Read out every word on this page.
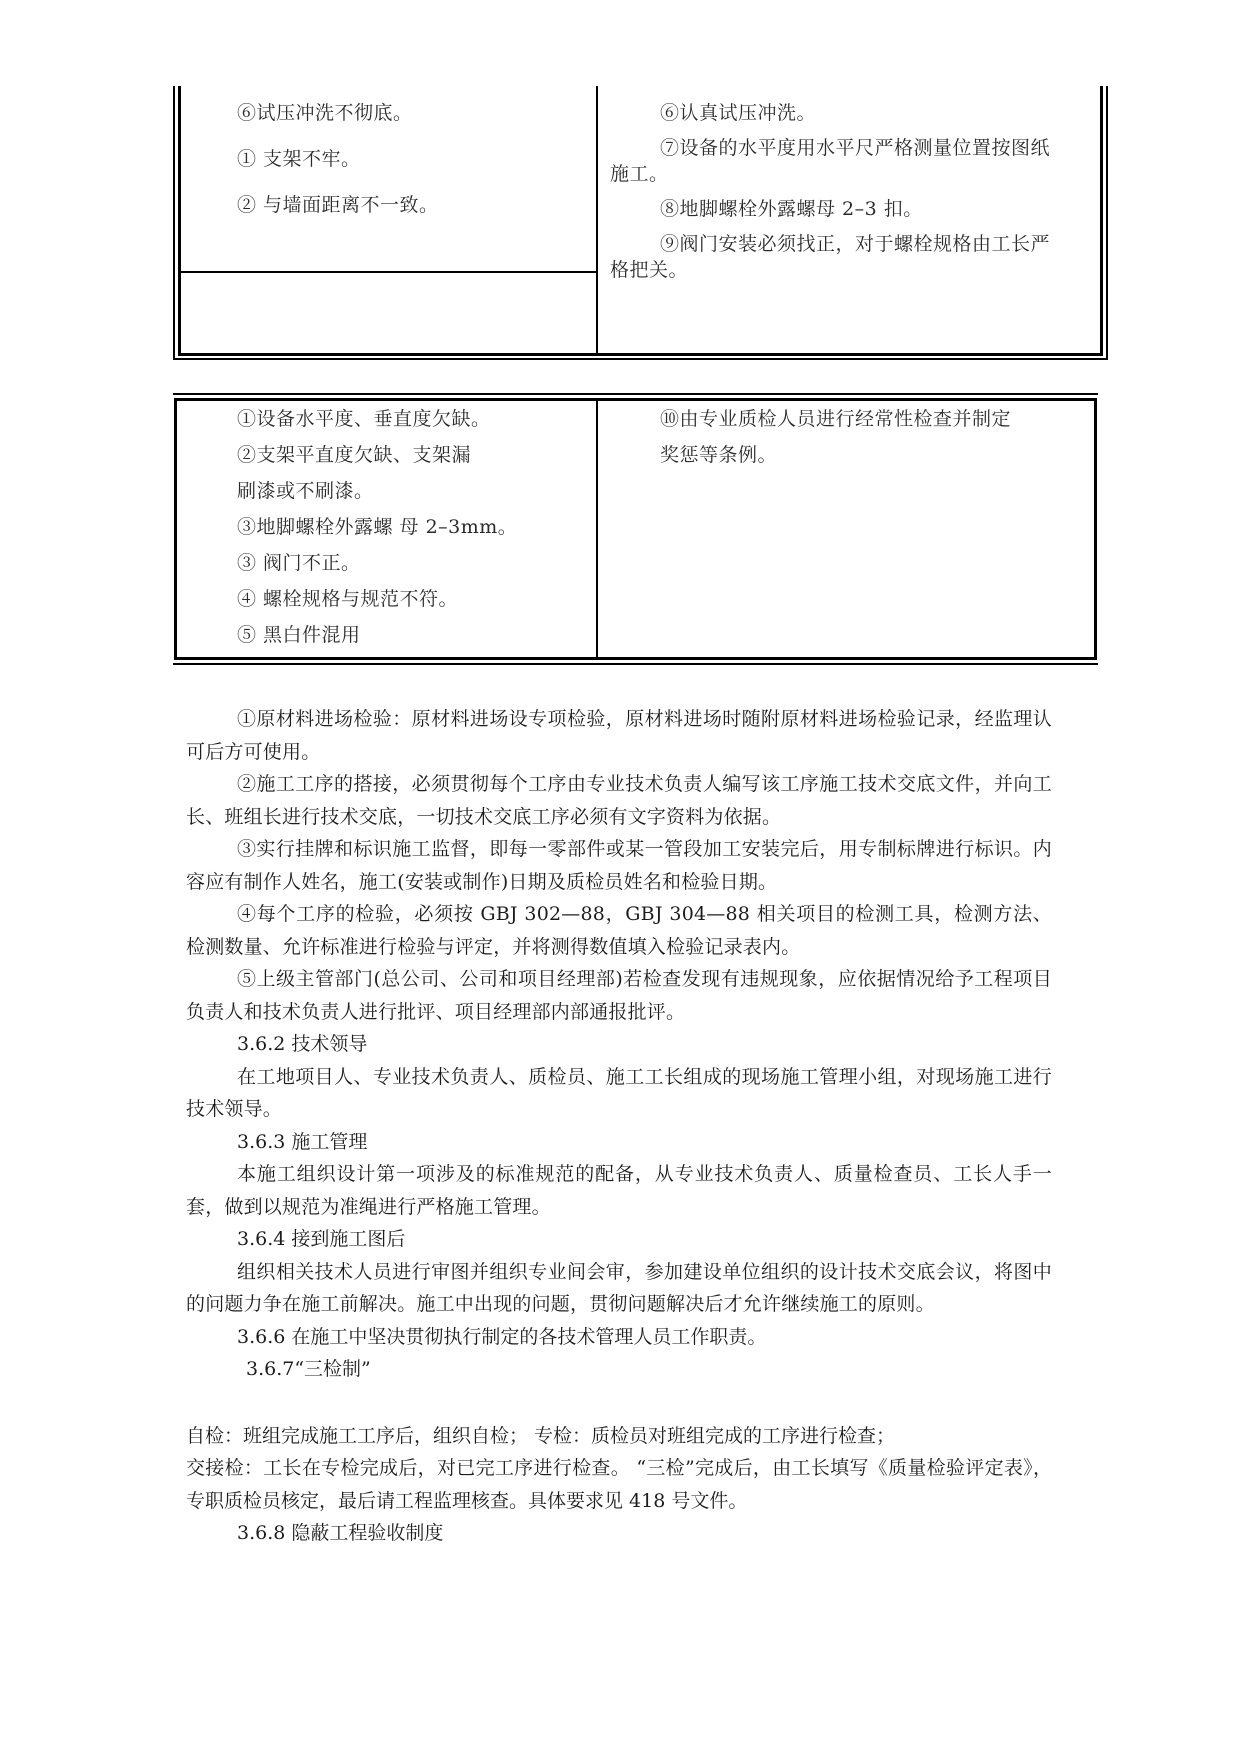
⑥试压冲洗不彻底。
① 支架不牢。
② 与墙面距离不一致。
⑥认真试压冲洗。
⑦设备的水平度用水平尺严格测量位置按图纸
施工。
⑧地脚螺栓外露螺母 2–3 扣。
⑨阀门安装必须找正，对于螺栓规格由工长严
格把关。
①设备水平度、垂直度欠缺。
②支架平直度欠缺、支架漏
刷漆或不刷漆。
③地脚螺栓外露螺 母 2–3mm。
③ 阀门不正。
④ 螺栓规格与规范不符。
⑤ 黑白件混用
⑩由专业质检人员进行经常性检查并制定
奖惩等条例。
①原材料进场检验：原材料进场设专项检验，原材料进场时随附原材料进场检验记录，经监理认可后方可使用。
②施工工序的搭接，必须贯彻每个工序由专业技术负责人编写该工序施工技术交底文件，并向工长、班组长进行技术交底，一切技术交底工序必须有文字资料为依据。
③实行挂牌和标识施工监督，即每一零部件或某一管段加工安装完后，用专制标牌进行标识。内容应有制作人姓名，施工(安装或制作)日期及质检员姓名和检验日期。
④每个工序的检验，必须按 GBJ 302—88，GBJ 304—88 相关项目的检测工具，检测方法、检测数量、允许标准进行检验与评定，并将测得数值填入检验记录表内。
⑤上级主管部门(总公司、公司和项目经理部)若检查发现有违规现象，应依据情况给予工程项目负责人和技术负责人进行批评、项目经理部内部通报批评。
3.6.2 技术领导
在工地项目人、专业技术负责人、质检员、施工工长组成的现场施工管理小组，对现场施工进行技术领导。
3.6.3 施工管理
本施工组织设计第一项涉及的标准规范的配备，从专业技术负责人、质量检查员、工长人手一套，做到以规范为准绳进行严格施工管理。
3.6.4 接到施工图后
组织相关技术人员进行审图并组织专业间会审，参加建设单位组织的设计技术交底会议，将图中的问题力争在施工前解决。施工中出现的问题，贯彻问题解决后才允许继续施工的原则。
3.6.6 在施工中坚决贯彻执行制定的各技术管理人员工作职责。
3.6.7“三检制”
自检：班组完成施工工序后，组织自检； 专检：质检员对班组完成的工序进行检查；
交接检：工长在专检完成后，对已完工序进行检查。 “三检”完成后，由工长填写《质量检验评定表》，专职质检员核定，最后请工程监理核查。具体要求见 418 号文件。
3.6.8 隐蔽工程验收制度
